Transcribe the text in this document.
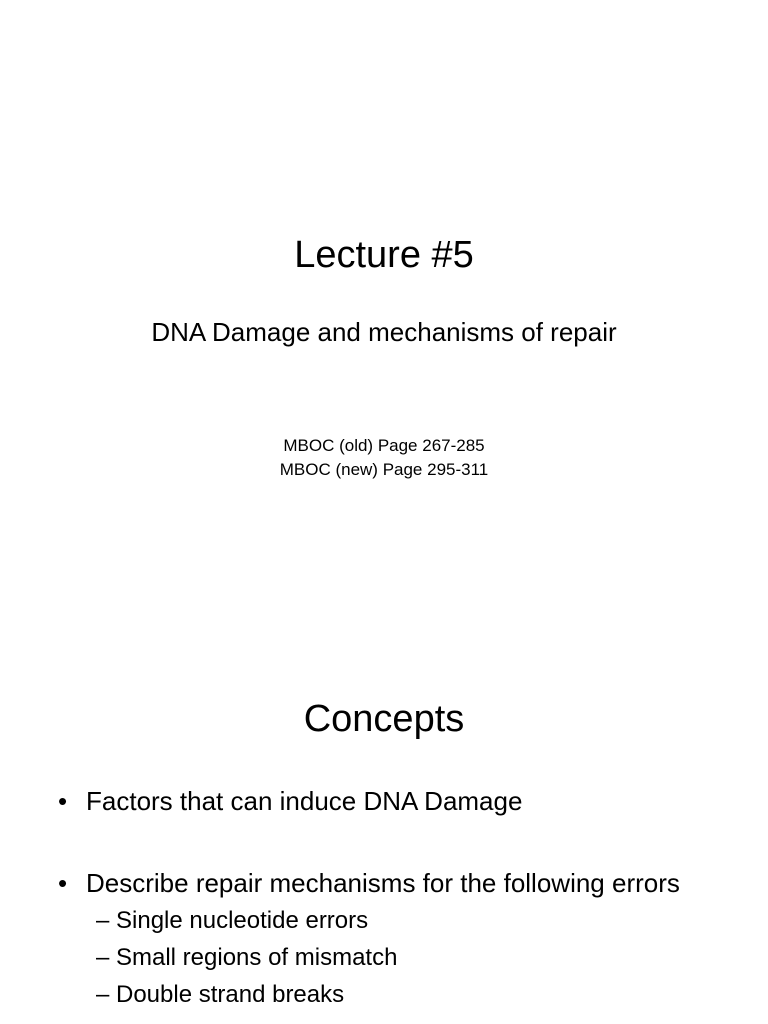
Lecture #5
DNA Damage and mechanisms of repair
MBOC (old) Page 267-285
MBOC (new) Page 295-311
Concepts
• Factors that can induce DNA Damage
• Describe repair mechanisms for the following errors
– Single nucleotide errors
– Small regions of mismatch
– Double strand breaks
